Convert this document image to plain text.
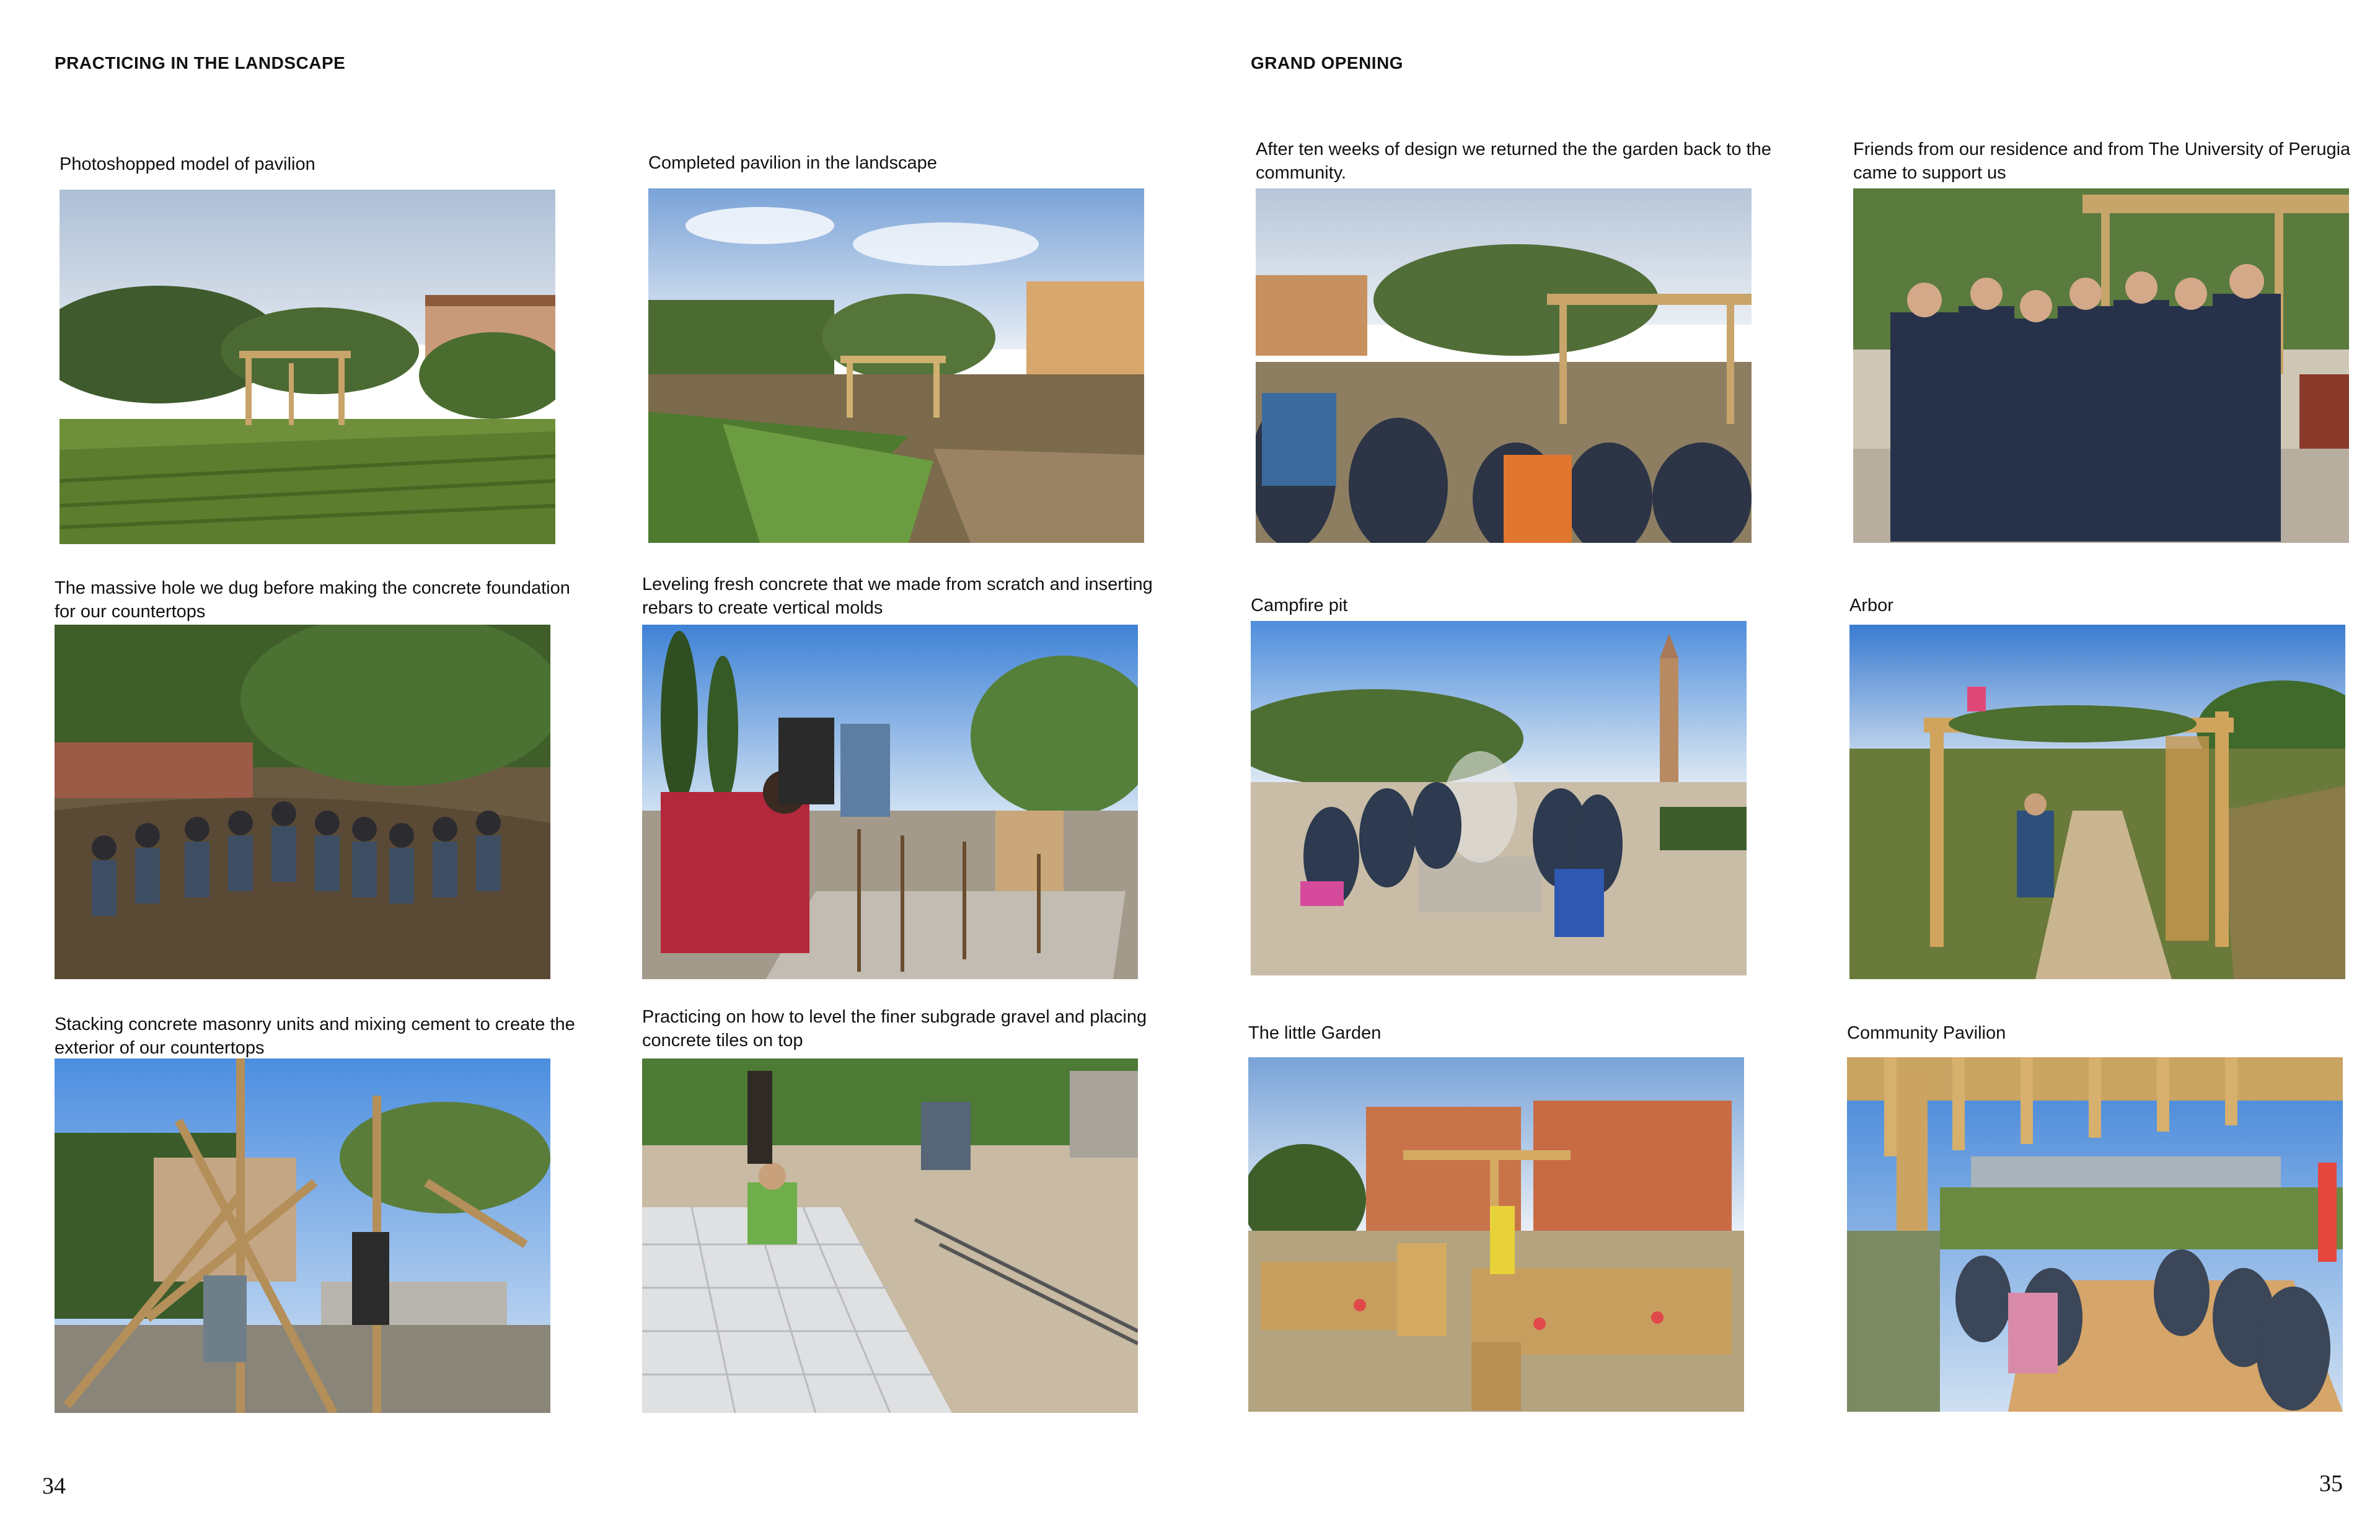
PRACTICING IN THE LANDSCAPE	GRAND OPENING
Photoshopped model of pavilion	Completed pavilion in the landscape
The massive hole we dug before making the concrete foundation for our countertops
Leveling fresh concrete that we made from scratch and inserting rebars to create vertical molds
Stacking concrete masonry units and mixing cement to create the exterior of our countertops
Practicing on how to level the finer subgrade gravel and placing concrete tiles on top
34
After ten weeks of design we returned the the garden back to the community.
Friends from our residence and from The University of Perugia came to support us
Campfire pit	Arbor
The little Garden	Community Pavilion
35
